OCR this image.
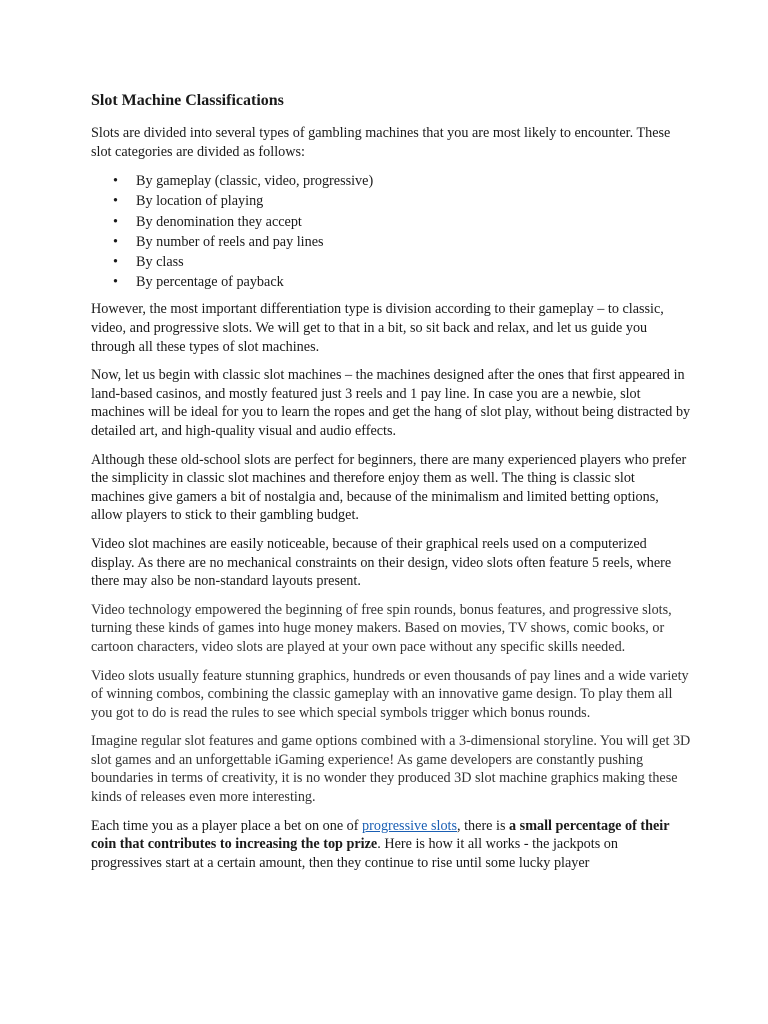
Slot Machine Classifications

Slots are divided into several types of gambling machines that you are most likely to encounter. These slot categories are divided as follows:

• By gameplay (classic, video, progressive)
• By location of playing
• By denomination they accept
• By number of reels and pay lines
• By class
• By percentage of payback

However, the most important differentiation type is division according to their gameplay – to classic, video, and progressive slots. We will get to that in a bit, so sit back and relax, and let us guide you through all these types of slot machines.

Now, let us begin with classic slot machines – the machines designed after the ones that first appeared in land-based casinos, and mostly featured just 3 reels and 1 pay line. In case you are a newbie, slot machines will be ideal for you to learn the ropes and get the hang of slot play, without being distracted by detailed art, and high-quality visual and audio effects.

Although these old-school slots are perfect for beginners, there are many experienced players who prefer the simplicity in classic slot machines and therefore enjoy them as well. The thing is classic slot machines give gamers a bit of nostalgia and, because of the minimalism and limited betting options, allow players to stick to their gambling budget.

Video slot machines are easily noticeable, because of their graphical reels used on a computerized display. As there are no mechanical constraints on their design, video slots often feature 5 reels, where there may also be non-standard layouts present.

Video technology empowered the beginning of free spin rounds, bonus features, and progressive slots, turning these kinds of games into huge money makers. Based on movies, TV shows, comic books, or cartoon characters, video slots are played at your own pace without any specific skills needed.

Video slots usually feature stunning graphics, hundreds or even thousands of pay lines and a wide variety of winning combos, combining the classic gameplay with an innovative game design. To play them all you got to do is read the rules to see which special symbols trigger which bonus rounds.

Imagine regular slot features and game options combined with a 3-dimensional storyline. You will get 3D slot games and an unforgettable iGaming experience! As game developers are constantly pushing boundaries in terms of creativity, it is no wonder they produced 3D slot machine graphics making these kinds of releases even more interesting.

Each time you as a player place a bet on one of progressive slots, there is a small percentage of their coin that contributes to increasing the top prize. Here is how it all works - the jackpots on progressives start at a certain amount, then they continue to rise until some lucky player
